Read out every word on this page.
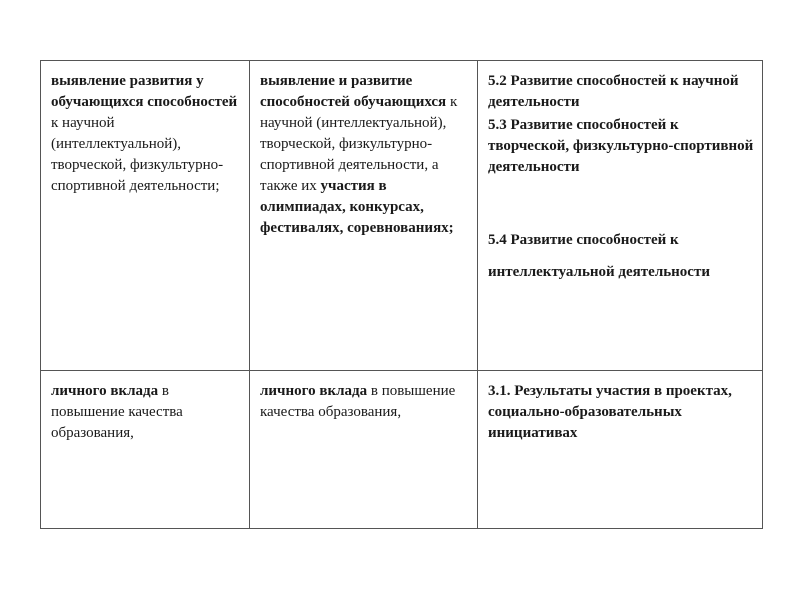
выявление развития у обучающихся способностей к научной (интеллектуальной), творческой, физкультурно-спортивной деятельности;	выявление и развитие способностей обучающихся к научной (интеллектуальной), творческой, физкультурно-спортивной деятельности, а также их участия в олимпиадах, конкурсах, фестивалях, соревнованиях;	5.2 Развитие способностей к научной деятельности
5.3 Развитие способностей к творческой, физкультурно-спортивной деятельности
5.4 Развитие способностей к
интеллектуальной деятельности

личного вклада в повышение качества образования,	личного вклада в повышение качества образования,	3.1. Результаты участия в проектах, социально-образовательных инициативах
